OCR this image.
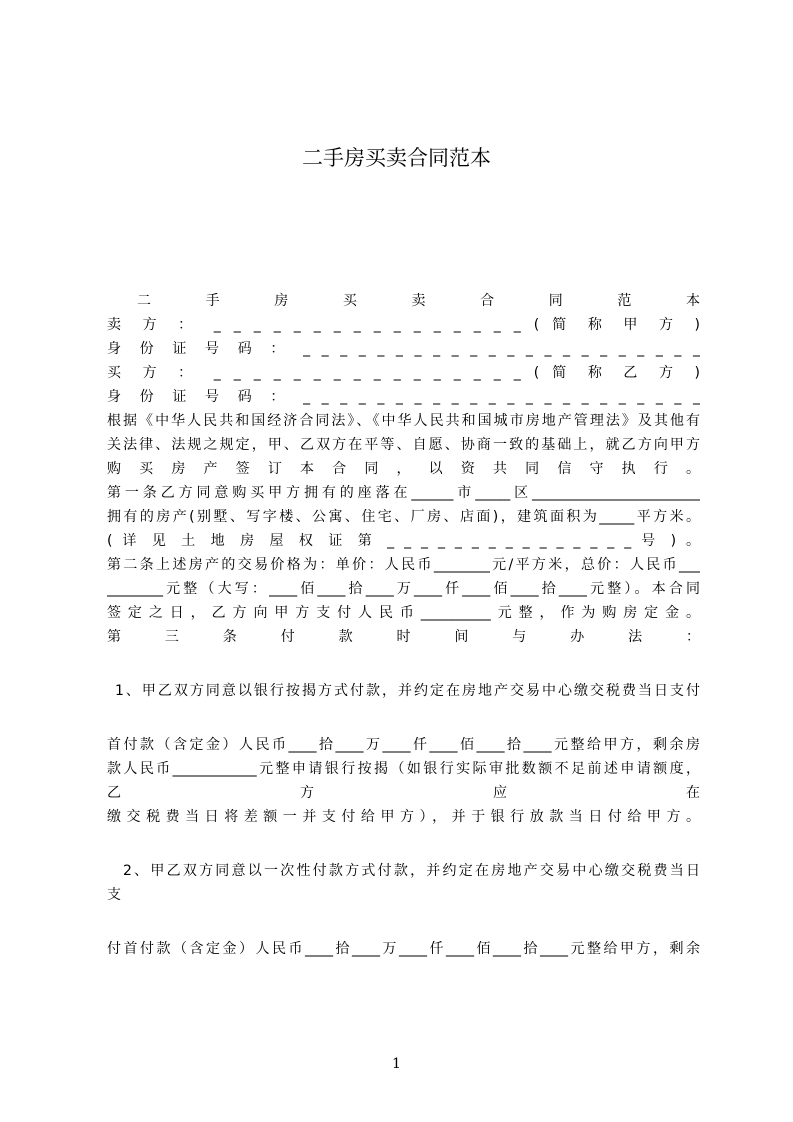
二手房买卖合同范本
二 手 房 买 卖 合 同 范 本
卖 方 ： _ _ _ _ _ _ _ _ _ _ _ _ _ _ _ _ ( 简 称 甲 方 )
身 份 证 号 码 ： _ _ _ _ _ _ _ _ _ _ _ _ _ _ _ _ _ _ _ _ _ _
买 方 ： _ _ _ _ _ _ _ _ _ _ _ _ _ _ _ _ ( 简 称 乙 方 )
身 份 证 号 码 ： _ _ _ _ _ _ _ _ _ _ _ _ _ _ _ _ _ _ _ _ _ _
根据《中华人民共和国经济合同法》、《中华人民共和国城市房地产管理法》及其他有
关法律、法规之规定，甲、乙双方在平等、自愿、协商一致的基础上，就乙方向甲方
购 买 房 产 签 订 本 合 同 ， 以 资 共 同 信 守 执 行 。
第一条乙方同意购买甲方拥有的座落在______市_____区________________________
拥有的房产(别墅、写字楼、公寓、住宅、厂房、店面)，建筑面积为_____平方米。
( 详 见 土 地 房 屋 权 证 第 _ _ _ _ _ _ _ _ _ _ _ _ _ _ _ 号 ) 。
第二条上述房产的交易价格为：单价：人民币________元/平方米，总价：人民币___
________元整（大写：____佰____拾____万____仟____佰____拾____元整）。本合同
签定之日，乙方向甲方支付人民币__________元整，作为购房定金。
第 三 条 付 款 时 间 与 办 法 ：
1、甲乙双方同意以银行按揭方式付款，并约定在房地产交易中心缴交税费当日支付
首付款（含定金）人民币____拾____万____仟____佰____拾____元整给甲方，剩余房
款人民币____________元整申请银行按揭（如银行实际审批数额不足前述申请额度，
乙 方 应 在
缴交税费当日将差额一并支付给甲方），并于银行放款当日付给甲方。
2、甲乙双方同意以一次性付款方式付款，并约定在房地产交易中心缴交税费当日
支
付首付款（含定金）人民币____拾____万____仟____佰____拾____元整给甲方，剩余
1
